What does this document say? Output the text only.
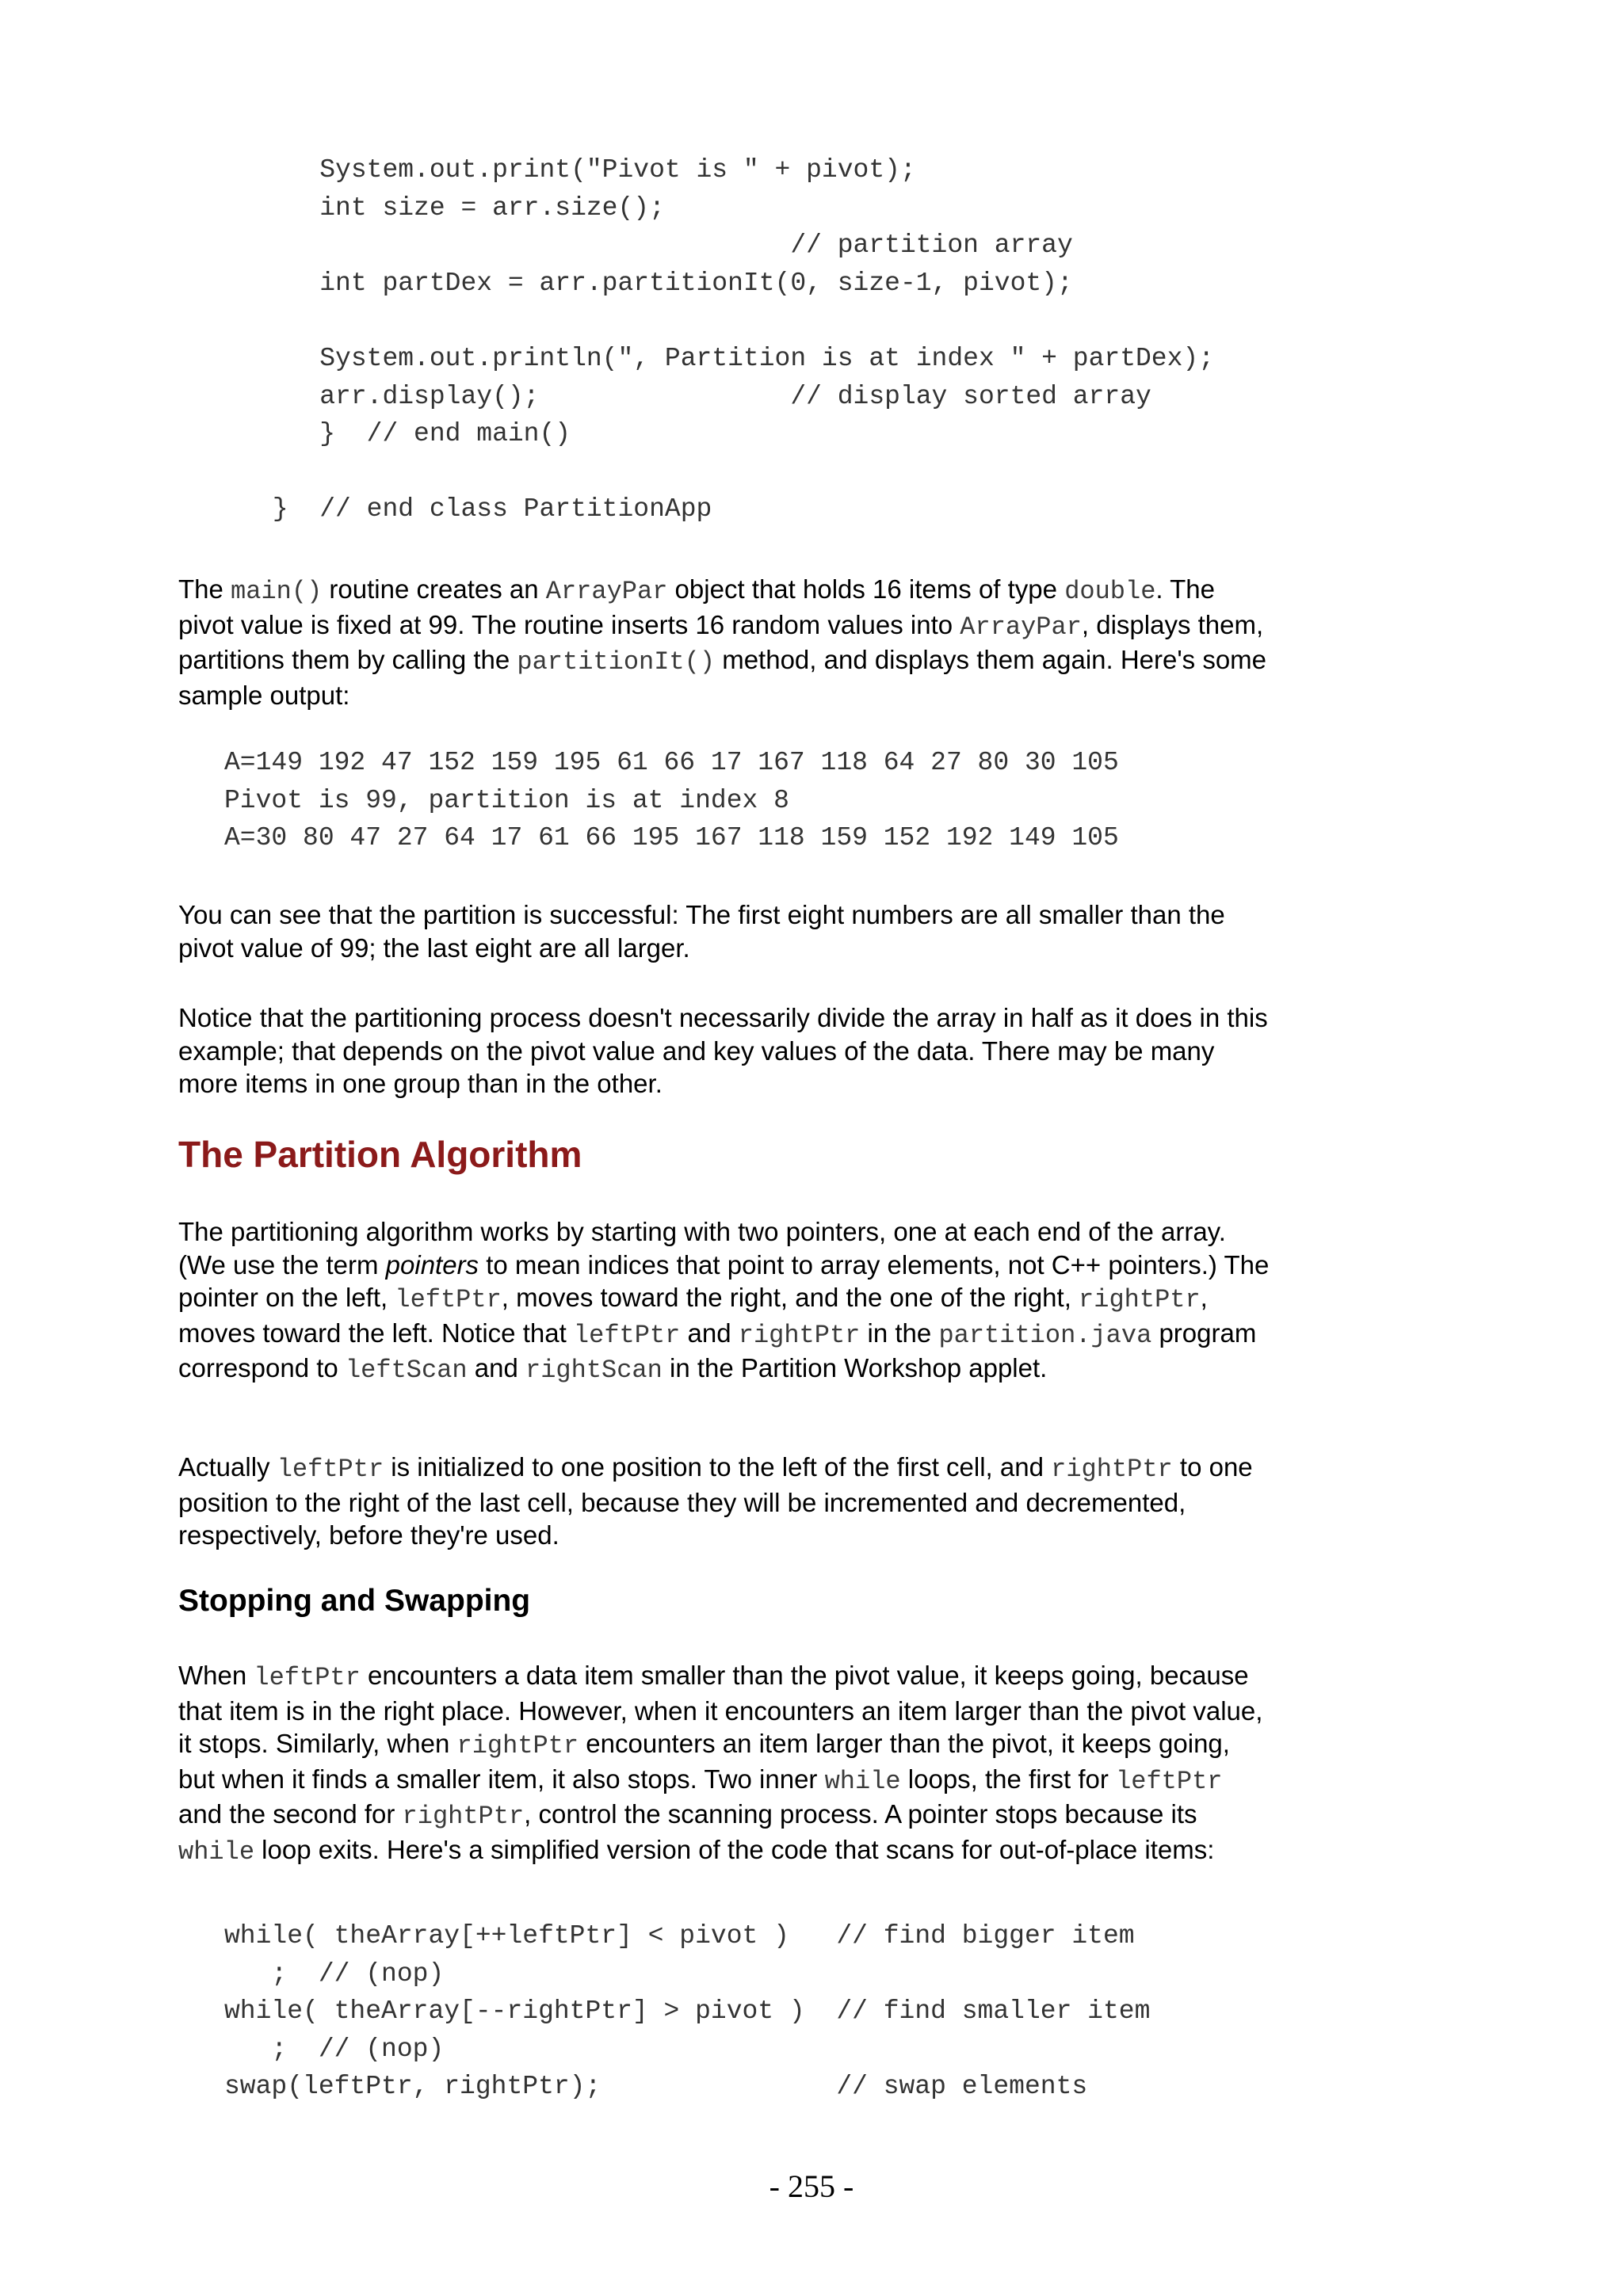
System.out.print("Pivot is " + pivot);
int size = arr.size();
// partition array
int partDex = arr.partitionIt(0, size-1, pivot);

System.out.println(", Partition is at index " + partDex);
arr.display();                // display sorted array
}  // end main()

}  // end class PartitionApp

The main() routine creates an ArrayPar object that holds 16 items of type double. The pivot value is fixed at 99. The routine inserts 16 random values into ArrayPar, displays them, partitions them by calling the partitionIt() method, and displays them again. Here's some sample output:

A=149 192 47 152 159 195 61 66 17 167 118 64 27 80 30 105
Pivot is 99, partition is at index 8
A=30 80 47 27 64 17 61 66 195 167 118 159 152 192 149 105

You can see that the partition is successful: The first eight numbers are all smaller than the pivot value of 99; the last eight are all larger.

Notice that the partitioning process doesn't necessarily divide the array in half as it does in this example; that depends on the pivot value and key values of the data. There may be many more items in one group than in the other.

The Partition Algorithm

The partitioning algorithm works by starting with two pointers, one at each end of the array. (We use the term pointers to mean indices that point to array elements, not C++ pointers.) The pointer on the left, leftPtr, moves toward the right, and the one of the right, rightPtr, moves toward the left. Notice that leftPtr and rightPtr in the partition.java program correspond to leftScan and rightScan in the Partition Workshop applet.

Actually leftPtr is initialized to one position to the left of the first cell, and rightPtr to one position to the right of the last cell, because they will be incremented and decremented, respectively, before they're used.

Stopping and Swapping

When leftPtr encounters a data item smaller than the pivot value, it keeps going, because that item is in the right place. However, when it encounters an item larger than the pivot value, it stops. Similarly, when rightPtr encounters an item larger than the pivot, it keeps going, but when it finds a smaller item, it also stops. Two inner while loops, the first for leftPtr and the second for rightPtr, control the scanning process. A pointer stops because its while loop exits. Here's a simplified version of the code that scans for out-of-place items:

while( theArray[++leftPtr] < pivot )   // find bigger item
;  // (nop)
while( theArray[--rightPtr] > pivot )  // find smaller item
;  // (nop)
swap(leftPtr, rightPtr);               // swap elements
- 255 -
